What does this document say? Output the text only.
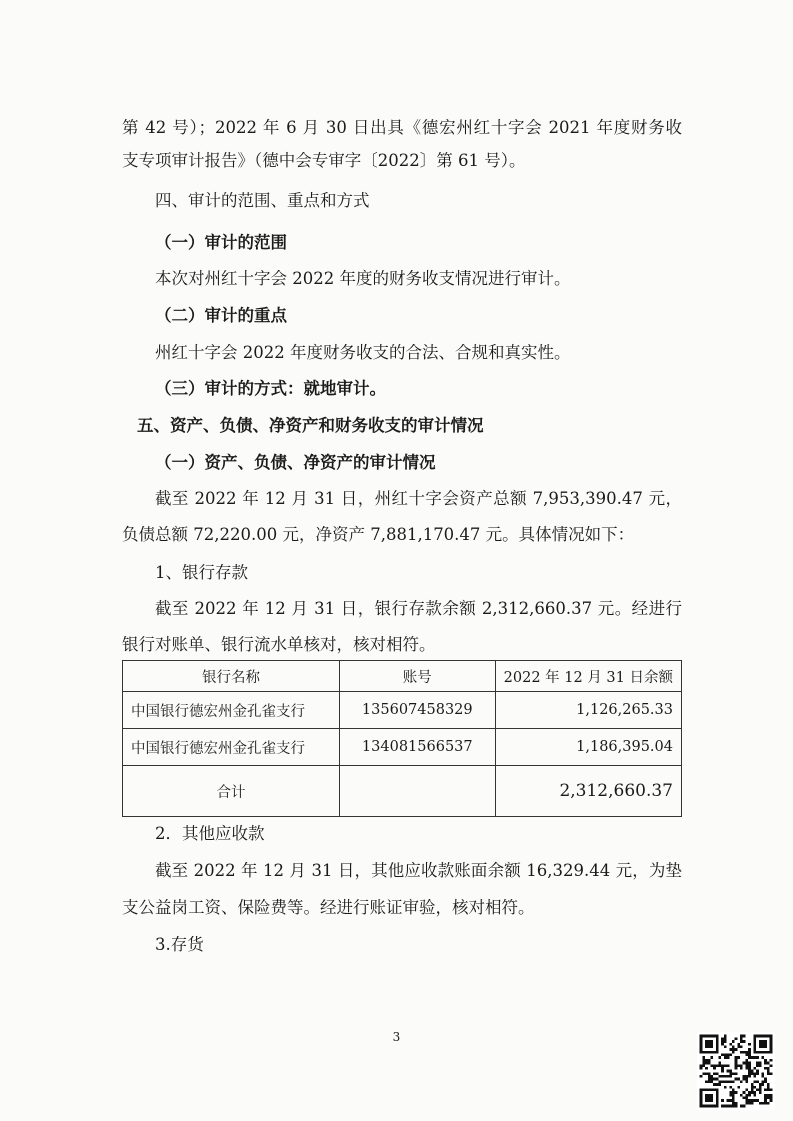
第 42 号）；2022 年 6 月 30 日出具《德宏州红十字会 2021 年度财务收
支专项审计报告》（德中会专审字〔2022〕第 61 号）。
四、审计的范围、重点和方式
（一）审计的范围
本次对州红十字会 2022 年度的财务收支情况进行审计。
（二）审计的重点
州红十字会 2022 年度财务收支的合法、合规和真实性。
（三）审计的方式：就地审计。
五、资产、负债、净资产和财务收支的审计情况
（一）资产、负债、净资产的审计情况
截至 2022 年 12 月 31 日，州红十字会资产总额 7,953,390.47 元，
负债总额 72,220.00 元，净资产 7,881,170.47 元。具体情况如下：
1、银行存款
截至 2022 年 12 月 31 日，银行存款余额 2,312,660.37 元。经进行
银行对账单、银行流水单核对，核对相符。
银行名称	账号	2022 年 12 月 31 日余额
中国银行德宏州金孔雀支行	135607458329	1,126,265.33
中国银行德宏州金孔雀支行	134081566537	1,186,395.04
合计		2,312,660.37
2．其他应收款
截至 2022 年 12 月 31 日，其他应收款账面余额 16,329.44 元，为垫
支公益岗工资、保险费等。经进行账证审验，核对相符。
3.存货
3
